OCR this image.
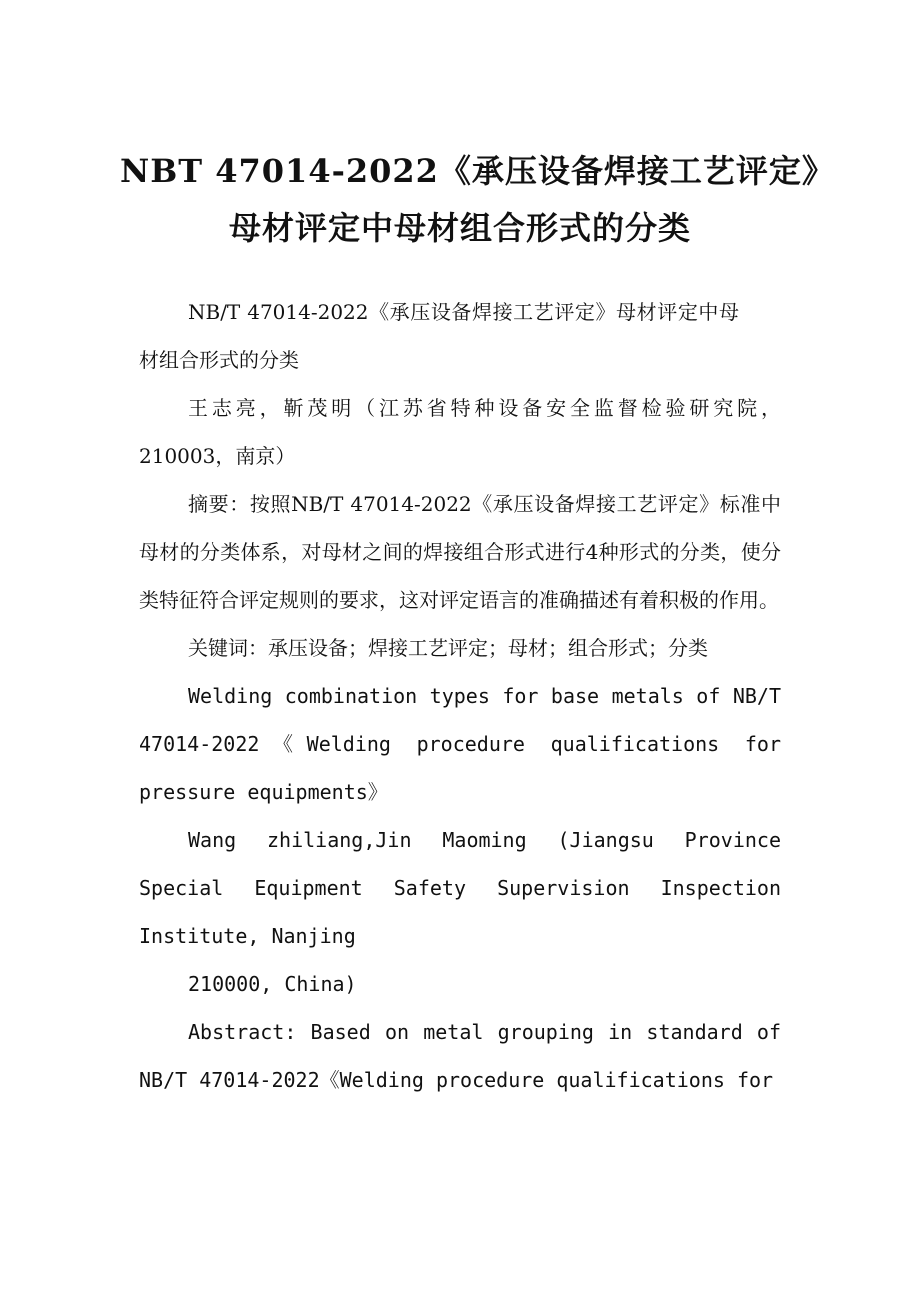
NBT 47014-2022《承压设备焊接工艺评定》
母材评定中母材组合形式的分类

NB/T 47014-2022《承压设备焊接工艺评定》母材评定中母材组合形式的分类

王志亮，靳茂明（江苏省特种设备安全监督检验研究院，210003，南京）

摘要：按照NB/T 47014-2022《承压设备焊接工艺评定》标准中母材的分类体系，对母材之间的焊接组合形式进行4种形式的分类，使分类特征符合评定规则的要求，这对评定语言的准确描述有着积极的作用。

关键词：承压设备；焊接工艺评定；母材；组合形式；分类

Welding combination types for base metals of NB/T 47014-2022《Welding procedure qualifications for pressure equipments》

Wang zhiliang,Jin Maoming (Jiangsu Province Special Equipment Safety Supervision Inspection Institute, Nanjing

210000, China)

Abstract: Based on metal grouping in standard of NB/T 47014-2022《Welding procedure qualifications for
